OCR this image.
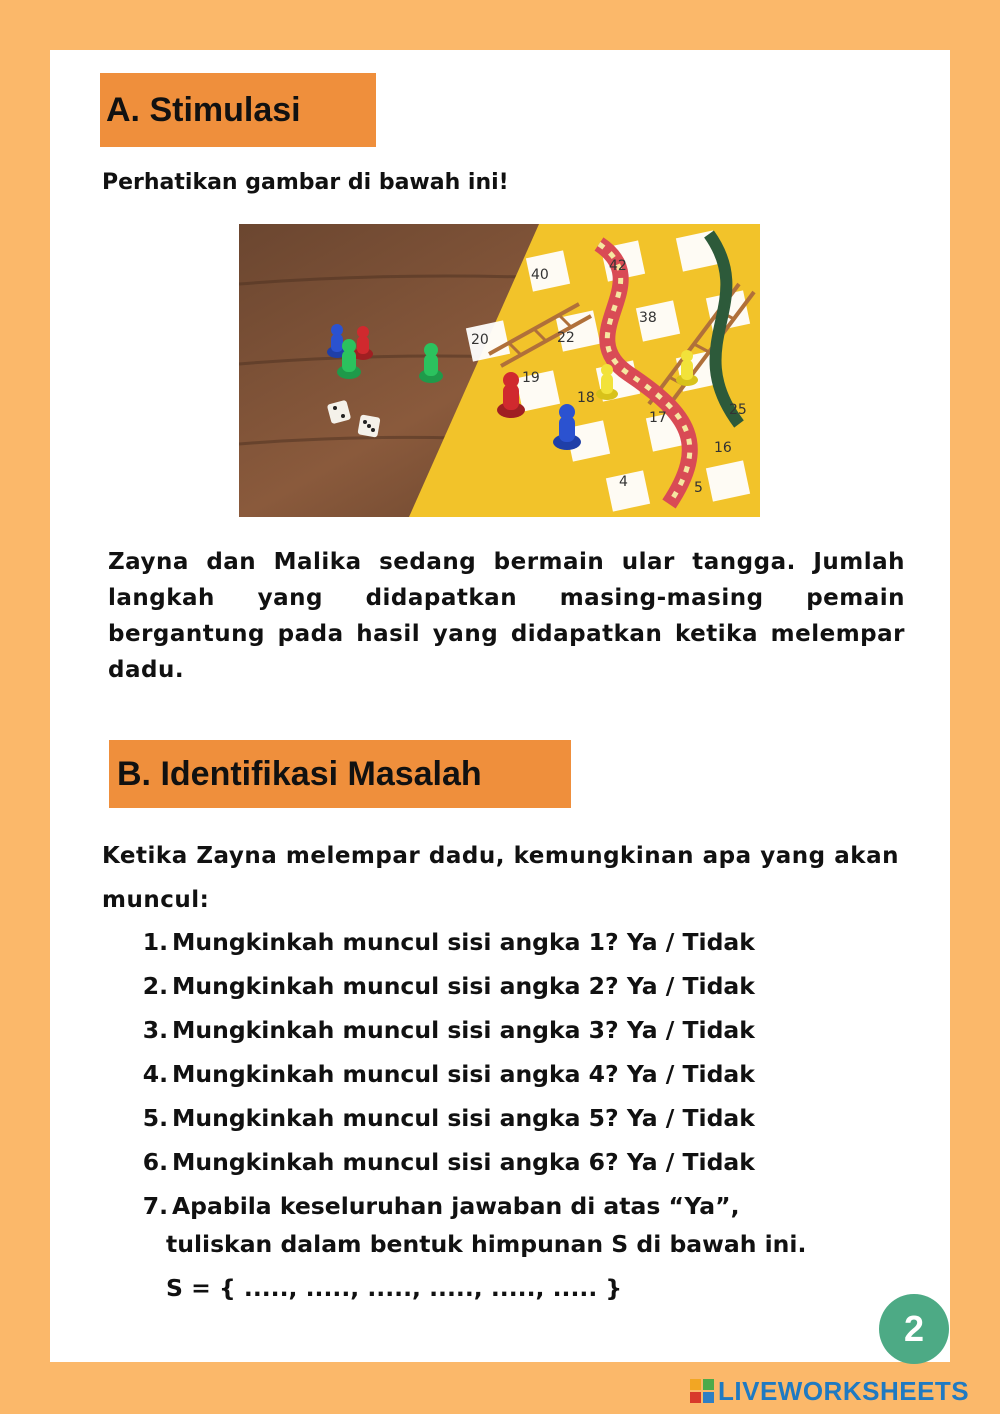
A. Stimulasi
Perhatikan gambar di bawah ini!
40
42
38
20	22
19
18
16
17
4
25
5
Zayna dan Malika sedang bermain ular tangga. Jumlah langkah yang didapatkan masing-masing pemain bergantung pada hasil yang didapatkan ketika melempar dadu.
B. Identifikasi Masalah
Ketika Zayna melempar dadu, kemungkinan apa yang akan muncul:
1. Mungkinkah muncul sisi angka 1? Ya / Tidak
2. Mungkinkah muncul sisi angka 2? Ya / Tidak
3. Mungkinkah muncul sisi angka 3? Ya / Tidak
4. Mungkinkah muncul sisi angka 4? Ya / Tidak
5. Mungkinkah muncul sisi angka 5? Ya / Tidak
6. Mungkinkah muncul sisi angka 6? Ya / Tidak
7. Apabila keseluruhan jawaban di atas “Ya”,
tuliskan dalam bentuk himpunan S di bawah ini.
S = { ....., ....., ....., ....., ....., ..... }
2
LIVEWORKSHEETS
